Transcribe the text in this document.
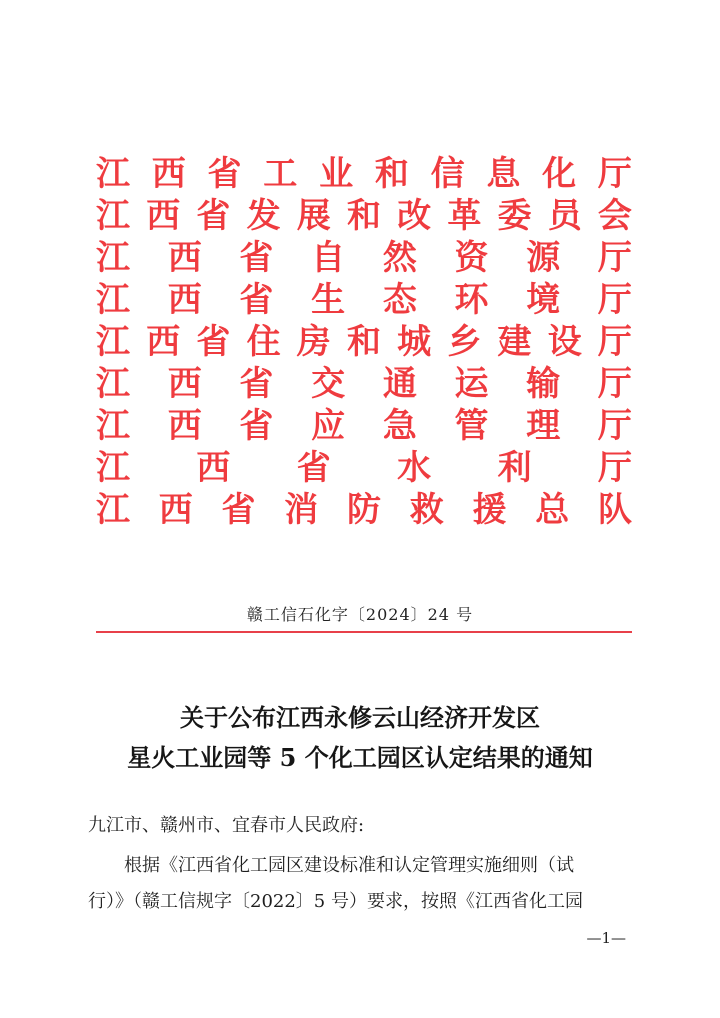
江 西 省 工 业 和 信 息 化 厅
江 西 省 发 展 和 改 革 委 员 会
江 西 省 自 然 资 源 厅
江 西 省 生 态 环 境 厅
江 西 省 住 房 和 城 乡 建 设 厅
江 西 省 交 通 运 输 厅
江 西 省 应 急 管 理 厅
江 西 省 水 利 厅
江 西 省 消 防 救 援 总 队
赣工信石化字〔2024〕24 号
关于公布江西永修云山经济开发区
星火工业园等 5 个化工园区认定结果的通知
九江市、赣州市、宜春市人民政府:
根据《江西省化工园区建设标准和认定管理实施细则（试
行）》（赣工信规字〔2022〕5 号）要求，按照《江西省化工园
—1—
